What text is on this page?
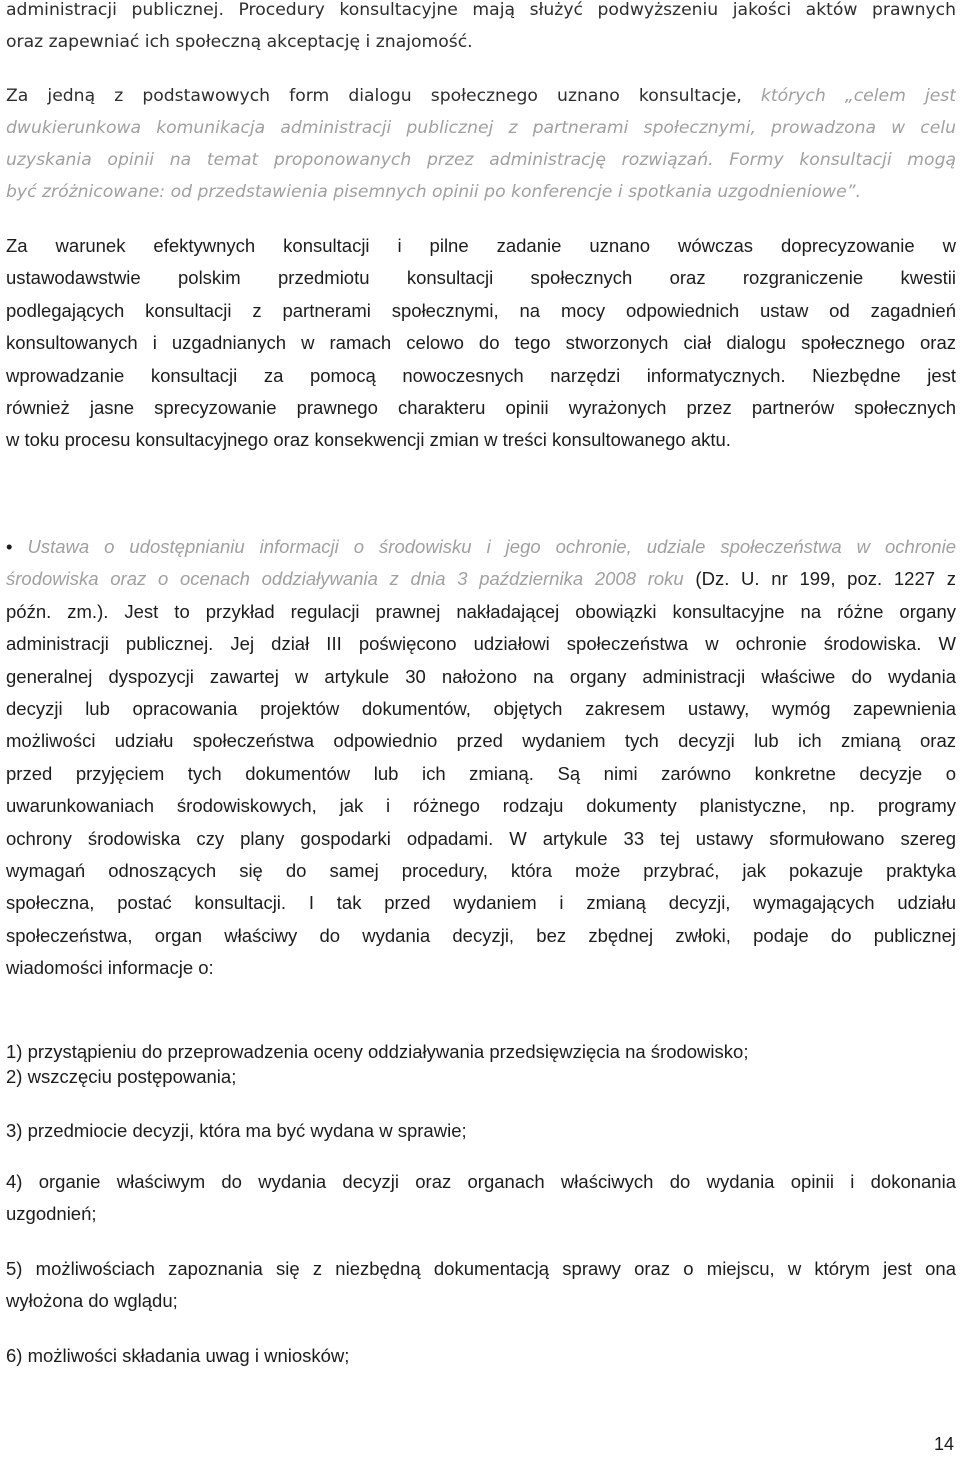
administracji publicznej. Procedury konsultacyjne mają służyć podwyższeniu jakości aktów prawnych
oraz zapewniać ich społeczną akceptację i znajomość.
Za jedną z podstawowych form dialogu społecznego uznano konsultacje, których „celem jest
dwukierunkowa komunikacja administracji publicznej z partnerami społecznymi, prowadzona w celu
uzyskania opinii na temat proponowanych przez administrację rozwiązań. Formy konsultacji mogą
być zróżnicowane: od przedstawienia pisemnych opinii po konferencje i spotkania uzgodnieniowe”.
Za warunek efektywnych konsultacji i pilne zadanie uznano wówczas doprecyzowanie w
ustawodawstwie polskim przedmiotu konsultacji społecznych oraz rozgraniczenie kwestii
podlegających konsultacji z partnerami społecznymi, na mocy odpowiednich ustaw od zagadnień
konsultowanych i uzgadnianych w ramach celowo do tego stworzonych ciał dialogu społecznego oraz
wprowadzanie konsultacji za pomocą nowoczesnych narzędzi informatycznych. Niezbędne jest
również jasne sprecyzowanie prawnego charakteru opinii wyrażonych przez partnerów społecznych
w toku procesu konsultacyjnego oraz konsekwencji zmian w treści konsultowanego aktu.
• Ustawa o udostępnianiu informacji o środowisku i jego ochronie, udziale społeczeństwa w ochronie
środowiska oraz o ocenach oddziaływania z dnia 3 października 2008 roku (Dz. U. nr 199, poz. 1227 z
późn. zm.). Jest to przykład regulacji prawnej nakładającej obowiązki konsultacyjne na różne organy
administracji publicznej. Jej dział III poświęcono udziałowi społeczeństwa w ochronie środowiska. W
generalnej dyspozycji zawartej w artykule 30 nałożono na organy administracji właściwe do wydania
decyzji lub opracowania projektów dokumentów, objętych zakresem ustawy, wymóg zapewnienia
możliwości udziału społeczeństwa odpowiednio przed wydaniem tych decyzji lub ich zmianą oraz
przed przyjęciem tych dokumentów lub ich zmianą. Są nimi zarówno konkretne decyzje o
uwarunkowaniach środowiskowych, jak i różnego rodzaju dokumenty planistyczne, np. programy
ochrony środowiska czy plany gospodarki odpadami. W artykule 33 tej ustawy sformułowano szereg
wymagań odnoszących się do samej procedury, która może przybrać, jak pokazuje praktyka
społeczna, postać konsultacji. I tak przed wydaniem i zmianą decyzji, wymagających udziału
społeczeństwa, organ właściwy do wydania decyzji, bez zbędnej zwłoki, podaje do publicznej
wiadomości informacje o:
1) przystąpieniu do przeprowadzenia oceny oddziaływania przedsięwzięcia na środowisko;
2) wszczęciu postępowania;
3) przedmiocie decyzji, która ma być wydana w sprawie;
4) organie właściwym do wydania decyzji oraz organach właściwych do wydania opinii i dokonania
uzgodnień;
5) możliwościach zapoznania się z niezbędną dokumentacją sprawy oraz o miejscu, w którym jest ona
wyłożona do wglądu;
6) możliwości składania uwag i wniosków;
14
